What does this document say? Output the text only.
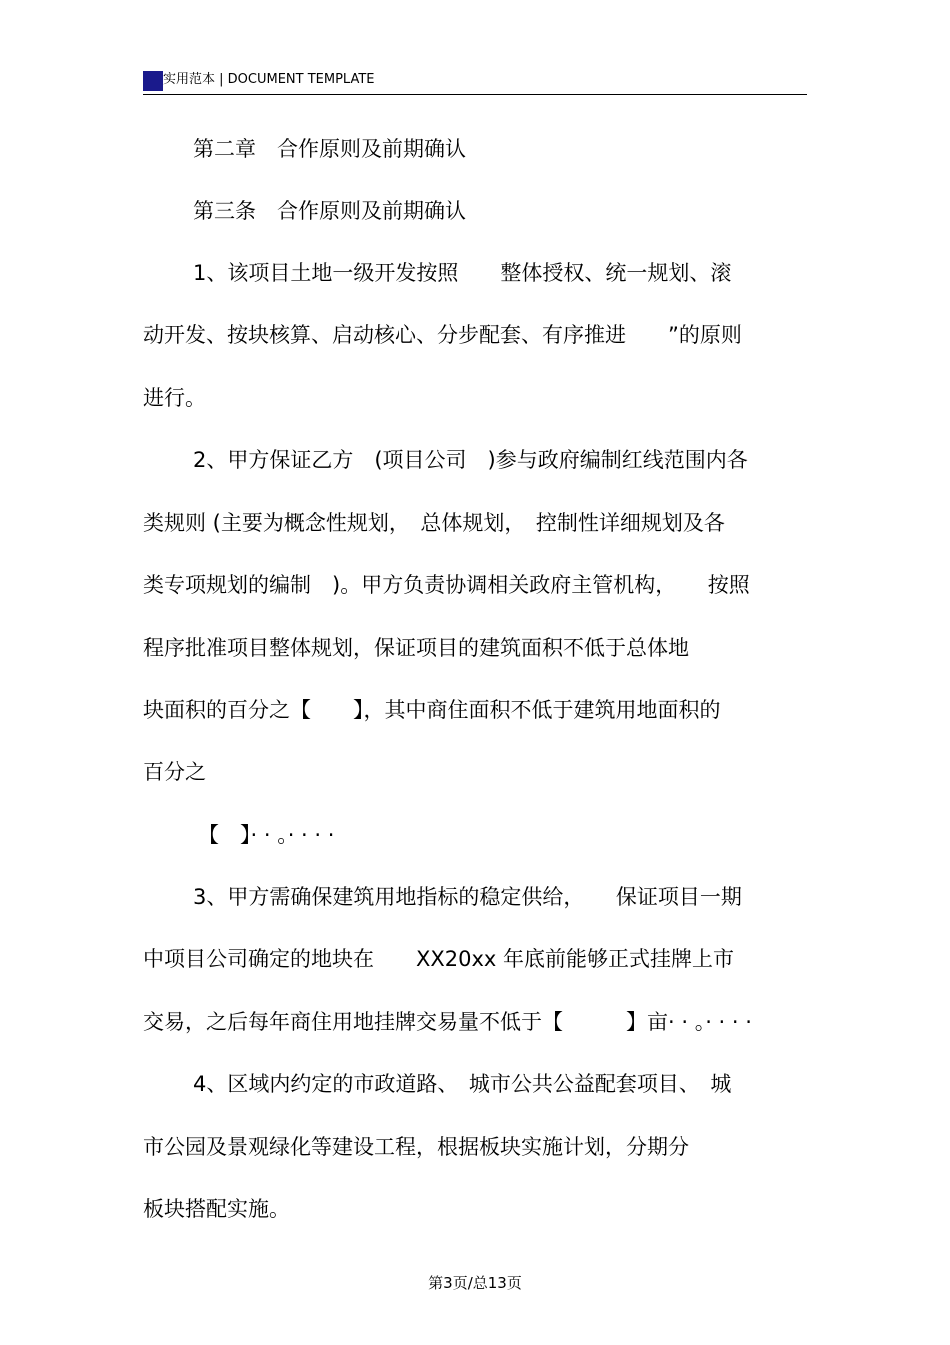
实用范本 | DOCUMENT TEMPLATE
第二章　合作原则及前期确认
第三条　合作原则及前期确认
1、该项目土地一级开发按照　　整体授权、统一规划、滚
动开发、按块核算、启动核心、分步配套、有序推进　　”的原则
进行。
2、甲方保证乙方　(项目公司　)参与政府编制红线范围内各
类规则 (主要为概念性规划，　总体规划，　控制性详细规划及各
类专项规划的编制　)。甲方负责协调相关政府主管机构，　　按照
程序批准项目整体规划，保证项目的建筑面积不低于总体地
块面积的百分之【　　】，其中商住面积不低于建筑用地面积的
百分之
【　】· · 。· · · ·
3、甲方需确保建筑用地指标的稳定供给，　　保证项目一期
中项目公司确定的地块在　　XX20xx 年底前能够正式挂牌上市
交易，之后每年商住用地挂牌交易量不低于【　　　】亩· · 。· · · ·
4、区域内约定的市政道路、　城市公共公益配套项目、　城
市公园及景观绿化等建设工程，根据板块实施计划，分期分
板块搭配实施。
第3页/总13页
